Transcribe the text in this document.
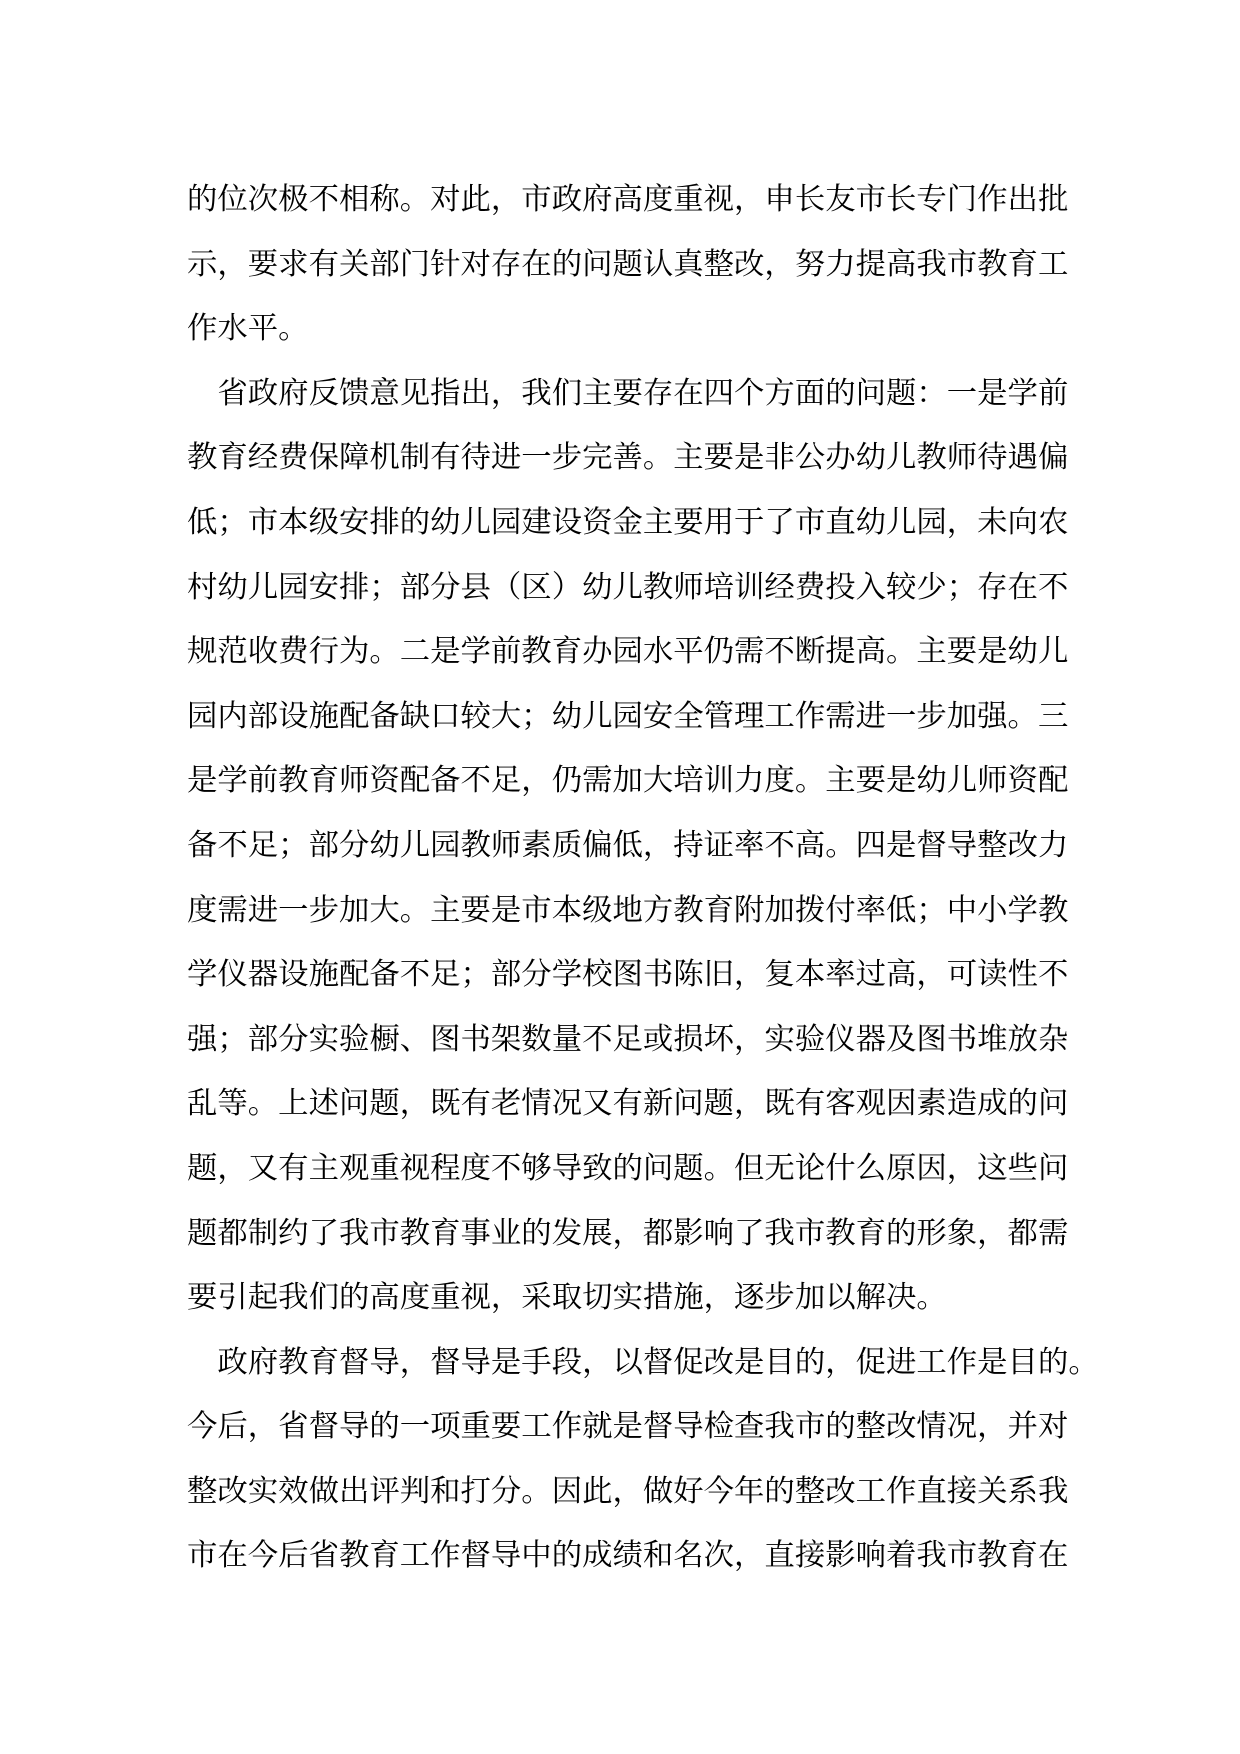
的位次极不相称。对此，市政府高度重视，申长友市长专门作出批
示，要求有关部门针对存在的问题认真整改，努力提高我市教育工
作水平。
　省政府反馈意见指出，我们主要存在四个方面的问题：一是学前
教育经费保障机制有待进一步完善。主要是非公办幼儿教师待遇偏
低；市本级安排的幼儿园建设资金主要用于了市直幼儿园，未向农
村幼儿园安排；部分县（区）幼儿教师培训经费投入较少；存在不
规范收费行为。二是学前教育办园水平仍需不断提高。主要是幼儿
园内部设施配备缺口较大；幼儿园安全管理工作需进一步加强。三
是学前教育师资配备不足，仍需加大培训力度。主要是幼儿师资配
备不足；部分幼儿园教师素质偏低，持证率不高。四是督导整改力
度需进一步加大。主要是市本级地方教育附加拨付率低；中小学教
学仪器设施配备不足；部分学校图书陈旧，复本率过高，可读性不
强；部分实验橱、图书架数量不足或损坏，实验仪器及图书堆放杂
乱等。上述问题，既有老情况又有新问题，既有客观因素造成的问
题，又有主观重视程度不够导致的问题。但无论什么原因，这些问
题都制约了我市教育事业的发展，都影响了我市教育的形象，都需
要引起我们的高度重视，采取切实措施，逐步加以解决。
　政府教育督导，督导是手段，以督促改是目的，促进工作是目的。
今后，省督导的一项重要工作就是督导检查我市的整改情况，并对
整改实效做出评判和打分。因此，做好今年的整改工作直接关系我
市在今后省教育工作督导中的成绩和名次，直接影响着我市教育在
